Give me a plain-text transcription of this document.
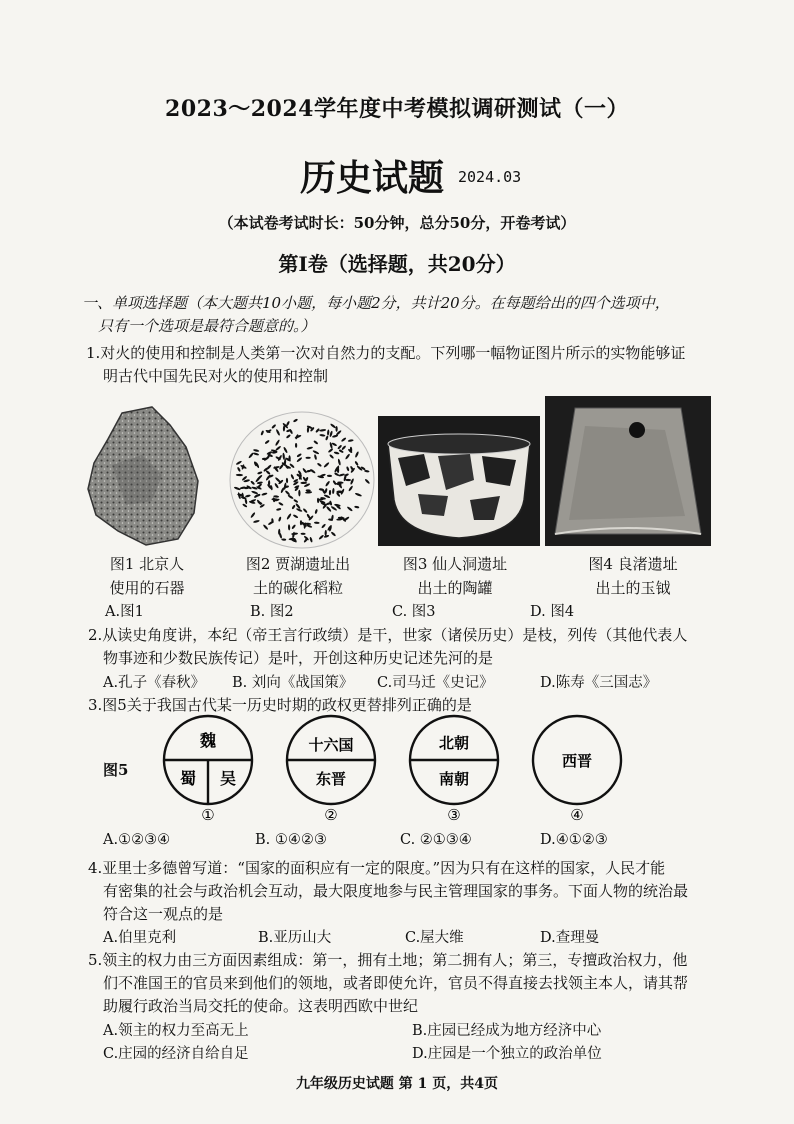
2023～2024学年度中考模拟调研测试（一）
历史试题 2024.03
（本试卷考试时长：50分钟，总分50分，开卷考试）
第Ⅰ卷（选择题，共20分）
一、单项选择题（本大题共10小题，每小题2分，共计20分。在每题给出的四个选项中，
只有一个选项是最符合题意的。）
1.对火的使用和控制是人类第一次对自然力的支配。下列哪一幅物证图片所示的实物能够证
明古代中国先民对火的使用和控制
图1 北京人
使用的石器
图2 贾湖遗址出
土的碳化稻粒
图3 仙人洞遗址
出土的陶罐
图4 良渚遗址
出土的玉钺
A.图1	B. 图2	C. 图3	D. 图4
2.从读史角度讲，本纪（帝王言行政绩）是干，世家（诸侯历史）是枝，列传（其他代表人
物事迹和少数民族传记）是叶，开创这种历史记述先河的是
A.孔子《春秋》 B. 刘向《战国策》 C.司马迁《史记》	D.陈寿《三国志》
3.图5关于我国古代某一历史时期的政权更替排列正确的是
图5
魏
蜀 吴
①
十六国
东晋
②
北朝
南朝
③
西晋
④
A.①②③④	B. ①④②③	C. ②①③④	D.④①②③
4.亚里士多德曾写道：“国家的面积应有一定的限度。”因为只有在这样的国家，人民才能
有密集的社会与政治机会互动，最大限度地参与民主管理国家的事务。下面人物的统治最
符合这一观点的是
A.伯里克利	B.亚历山大	C.屋大维	D.查理曼
5.领主的权力由三方面因素组成：第一，拥有土地；第二拥有人；第三，专擅政治权力，他
们不准国王的官员来到他们的领地，或者即使允许，官员不得直接去找领主本人，请其帮
助履行政治当局交托的使命。这表明西欧中世纪
A.领主的权力至高无上	B.庄园已经成为地方经济中心
C.庄园的经济自给自足	D.庄园是一个独立的政治单位
九年级历史试题 第 1 页，共4页
